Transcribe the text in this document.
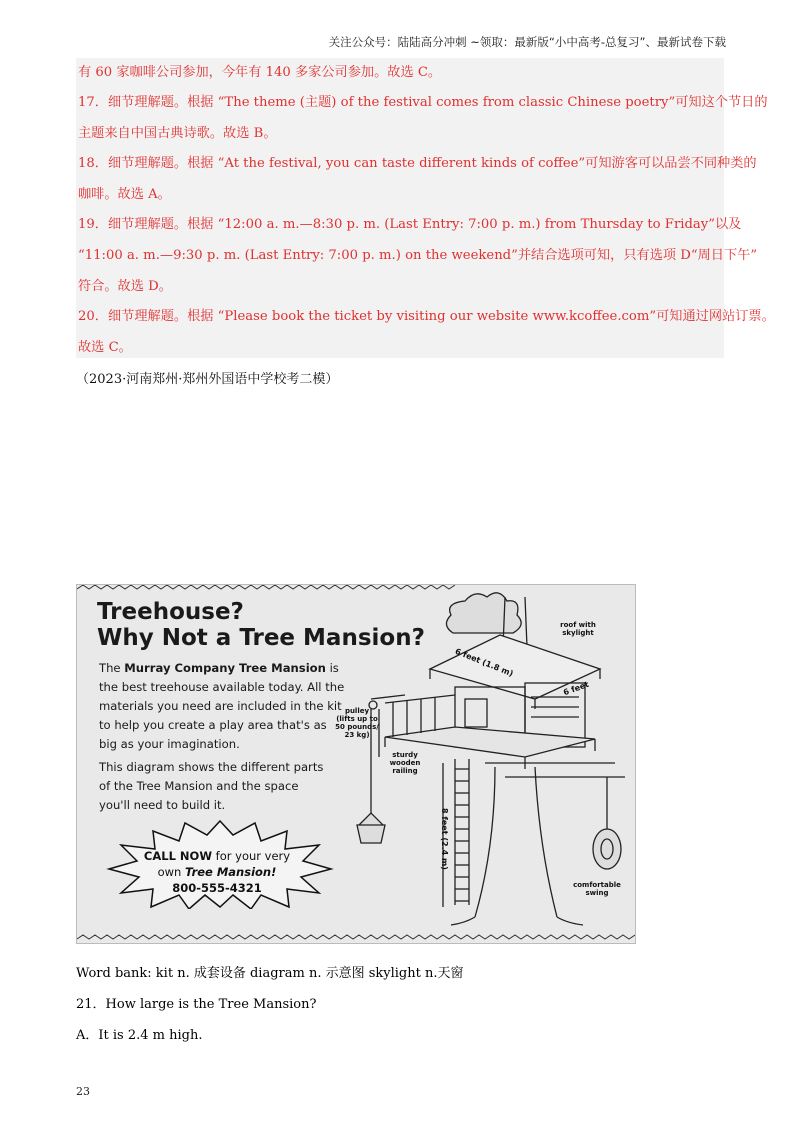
关注公众号：陆陆高分冲刺 ~领取：最新版“小中高考-总复习”、最新试卷下载
有 60 家咖啡公司参加，今年有 140 多家公司参加。故选 C。
17．细节理解题。根据 “The theme (主题) of the festival comes from classic Chinese poetry”可知这个节日的
主题来自中国古典诗歌。故选 B。
18．细节理解题。根据 “At the festival, you can taste different kinds of coffee”可知游客可以品尝不同种类的
咖啡。故选 A。
19．细节理解题。根据 “12:00 a. m.—8:30 p. m. (Last Entry: 7:00 p. m.) from Thursday to Friday”以及
“11:00 a. m.—9:30 p. m. (Last Entry: 7:00 p. m.) on the weekend”并结合选项可知，只有选项 D“周日下午”
符合。故选 D。
20．细节理解题。根据 “Please book the ticket by visiting our website www.kcoffee.com”可知通过网站订票。
故选 C。
（2023·河南郑州·郑州外国语中学校考二模）
Treehouse?
Why Not a Tree Mansion?
The Murray Company Tree Mansion is
the best treehouse available today. All the
materials you need are included in the kit
to help you create a play area that's as
big as your imagination.
This diagram shows the different parts
of the Tree Mansion and the space
you'll need to build it.
CALL NOW for your very
own Tree Mansion!
800-555-4321
roof with
skylight
6 feet (1.8 m)
6 feet
pulley
(lifts up to
50 pounds/
23 kg)
sturdy
wooden
railing
8 feet (2.4 m)
comfortable
swing
Word bank: kit n. 成套设备 diagram n. 示意图 skylight n.天窗
21．How large is the Tree Mansion?
A．It is 2.4 m high.
23
